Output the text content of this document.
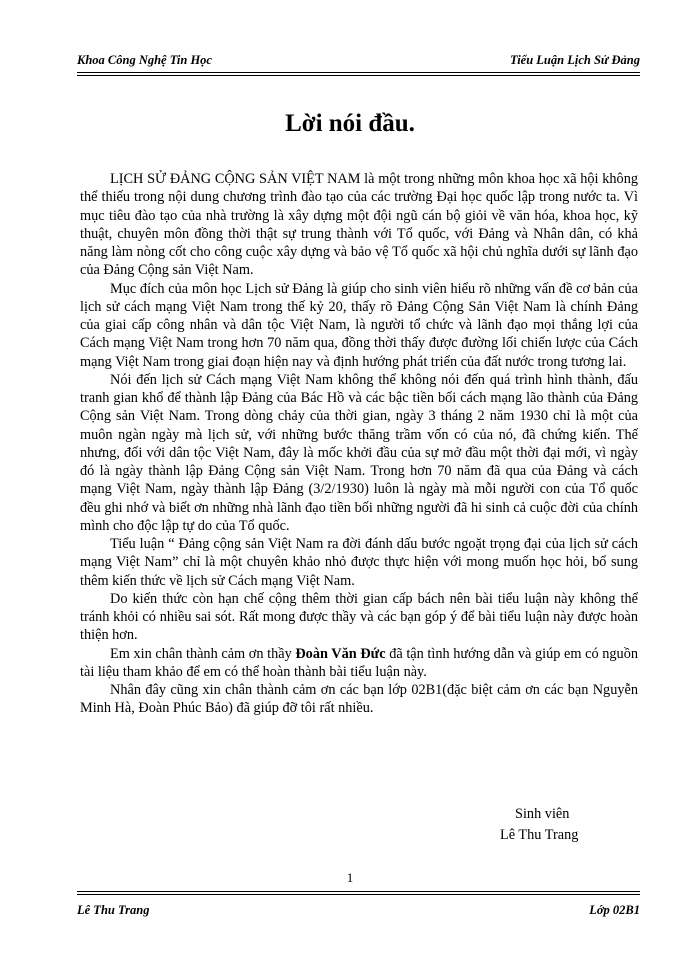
Khoa Công Nghệ Tin Học	Tiểu Luận Lịch Sử Đảng
Lời nói đầu.

LỊCH SỬ ĐẢNG CỘNG SẢN VIỆT NAM là một trong những môn khoa học xã hội không thể thiếu trong nội dung chương trình đào tạo của các trường Đại học quốc lập trong nước ta. Vì mục tiêu đào tạo của nhà trường là xây dựng một đội ngũ cán bộ giỏi về văn hóa, khoa học, kỹ thuật, chuyên môn đồng thời thật sự trung thành với Tổ quốc, với Đảng và Nhân dân, có khả năng làm nòng cốt cho công cuộc xây dựng và bảo vệ Tổ quốc xã hội chủ nghĩa dưới sự lãnh đạo của Đảng Cộng sản Việt Nam.

Mục đích của môn học Lịch sử Đảng là giúp cho sinh viên hiểu rõ những vấn đề cơ bản của lịch sử cách mạng Việt Nam trong thế kỷ 20, thấy rõ Đảng Cộng Sản Việt Nam là chính Đảng của giai cấp công nhân và dân tộc Việt Nam, là người tổ chức và lãnh đạo mọi thắng lợi của Cách mạng Việt Nam trong hơn 70 năm qua, đồng thời thấy được đường lối chiến lược của Cách mạng Việt Nam trong giai đoạn hiện nay và định hướng phát triển của đất nước trong tương lai.

Nói đến lịch sử Cách mạng Việt Nam không thể không nói đến quá trình hình thành, đấu tranh gian khổ để thành lập Đảng của Bác Hồ và các bậc tiền bối cách mạng lão thành của Đảng Cộng sản Việt Nam. Trong dòng chảy của thời gian, ngày 3 tháng 2 năm 1930 chỉ là một của muôn ngàn ngày mà lịch sử, với những bước thăng trầm vốn có của nó, đã chứng kiến. Thế nhưng, đối với dân tộc Việt Nam, đây là mốc khởi đầu của sự mở đầu một thời đại mới, vì ngày đó là ngày thành lập Đảng Cộng sản Việt Nam. Trong hơn 70 năm đã qua của Đảng và cách mạng Việt Nam, ngày thành lập Đảng (3/2/1930) luôn là ngày mà mỗi người con của Tổ quốc đều ghi nhớ và biết ơn những nhà lãnh đạo tiền bối những người đã hi sinh cả cuộc đời của chính mình cho độc lập tự do của Tổ quốc.

Tiểu luận “ Đảng cộng sản Việt Nam ra đời đánh dấu bước ngoặt trọng đại của lịch sử cách mạng Việt Nam” chỉ là một chuyên khảo nhỏ được thực hiện với mong muốn học hỏi, bổ sung thêm kiến thức về lịch sử Cách mạng Việt Nam.

Do kiến thức còn hạn chế cộng thêm thời gian cấp bách nên bài tiểu luận này không thể tránh khỏi có nhiều sai sót. Rất mong được thầy và các bạn góp ý để bài tiểu luận này được hoàn thiện hơn.

Em xin chân thành cảm ơn thầy Đoàn Văn Đức đã tận tình hướng dẫn và giúp em có nguồn tài liệu tham khảo để em có thể hoàn thành bài tiểu luận này.

Nhân đây cũng xin chân thành cảm ơn các bạn lớp 02B1(đặc biệt cảm ơn các bạn Nguyễn Minh Hà, Đoàn Phúc Bảo) đã giúp đỡ tôi rất nhiều.

Sinh viên
Lê Thu Trang
1
Lê Thu Trang	Lớp 02B1
